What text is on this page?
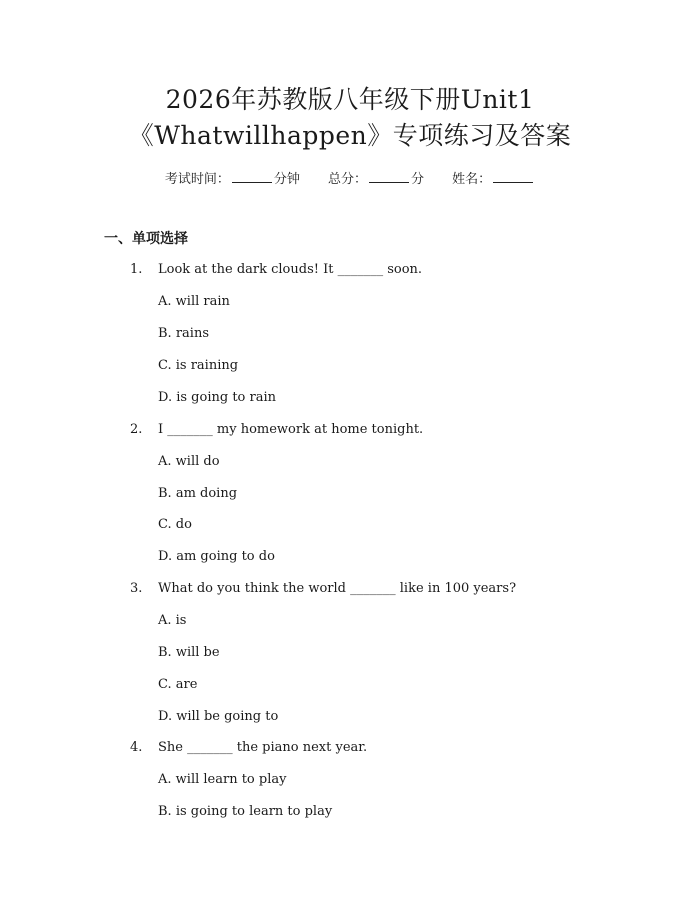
2026年苏教版八年级下册Unit1
《Whatwillhappen》专项练习及答案
考试时间：	分钟 总分：	分 姓名：
一、单项选择
1.	Look at the dark clouds! It _______ soon.
A. will rain
B. rains
C. is raining
D. is going to rain
2.	I _______ my homework at home tonight.
A. will do
B. am doing
C. do
D. am going to do
3.	What do you think the world _______ like in 100 years?
A. is
B. will be
C. are
D. will be going to
4.	She _______ the piano next year.
A. will learn to play
B. is going to learn to play
